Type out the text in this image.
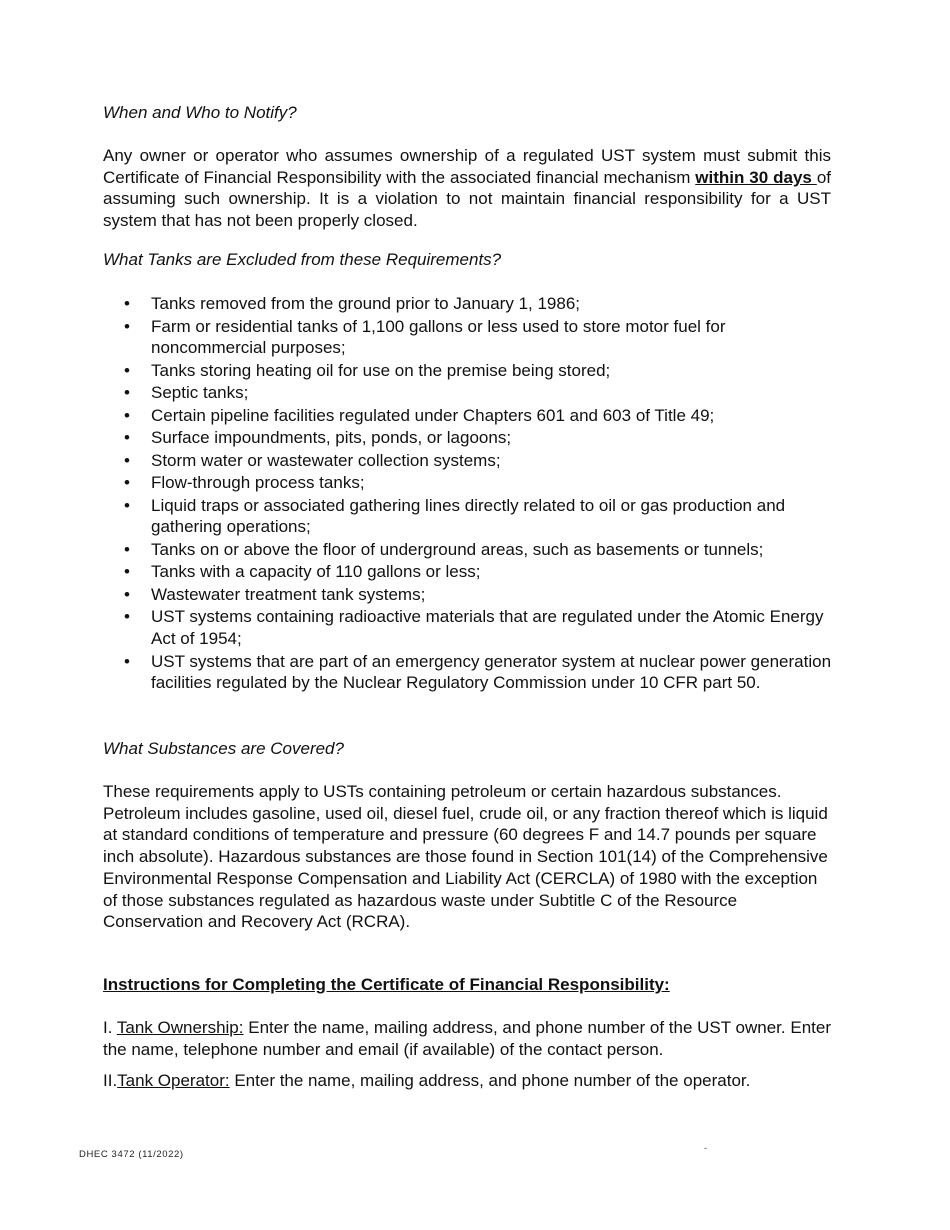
When and Who to Notify?

Any owner or operator who assumes ownership of a regulated UST system must submit this Certificate of Financial Responsibility with the associated financial mechanism within 30 days of assuming such ownership. It is a violation to not maintain financial responsibility for a UST system that has not been properly closed.

What Tanks are Excluded from these Requirements?
• Tanks removed from the ground prior to January 1, 1986;
• Farm or residential tanks of 1,100 gallons or less used to store motor fuel for noncommercial purposes;
• Tanks storing heating oil for use on the premise being stored;
• Septic tanks;
• Certain pipeline facilities regulated under Chapters 601 and 603 of Title 49;
• Surface impoundments, pits, ponds, or lagoons;
• Storm water or wastewater collection systems;
• Flow-through process tanks;
• Liquid traps or associated gathering lines directly related to oil or gas production and gathering operations;
• Tanks on or above the floor of underground areas, such as basements or tunnels;
• Tanks with a capacity of 110 gallons or less;
• Wastewater treatment tank systems;
• UST systems containing radioactive materials that are regulated under the Atomic Energy Act of 1954;
• UST systems that are part of an emergency generator system at nuclear power generation facilities regulated by the Nuclear Regulatory Commission under 10 CFR part 50.
What Substances are Covered?

These requirements apply to USTs containing petroleum or certain hazardous substances. Petroleum includes gasoline, used oil, diesel fuel, crude oil, or any fraction thereof which is liquid at standard conditions of temperature and pressure (60 degrees F and 14.7 pounds per square inch absolute). Hazardous substances are those found in Section 101(14) of the Comprehensive Environmental Response Compensation and Liability Act (CERCLA) of 1980 with the exception of those substances regulated as hazardous waste under Subtitle C of the Resource Conservation and Recovery Act (RCRA).

Instructions for Completing the Certificate of Financial Responsibility:

I. Tank Ownership: Enter the name, mailing address, and phone number of the UST owner. Enter the name, telephone number and email (if available) of the contact person.

II.Tank Operator: Enter the name, mailing address, and phone number of the operator.

DHEC 3472 (11/2022)
-
